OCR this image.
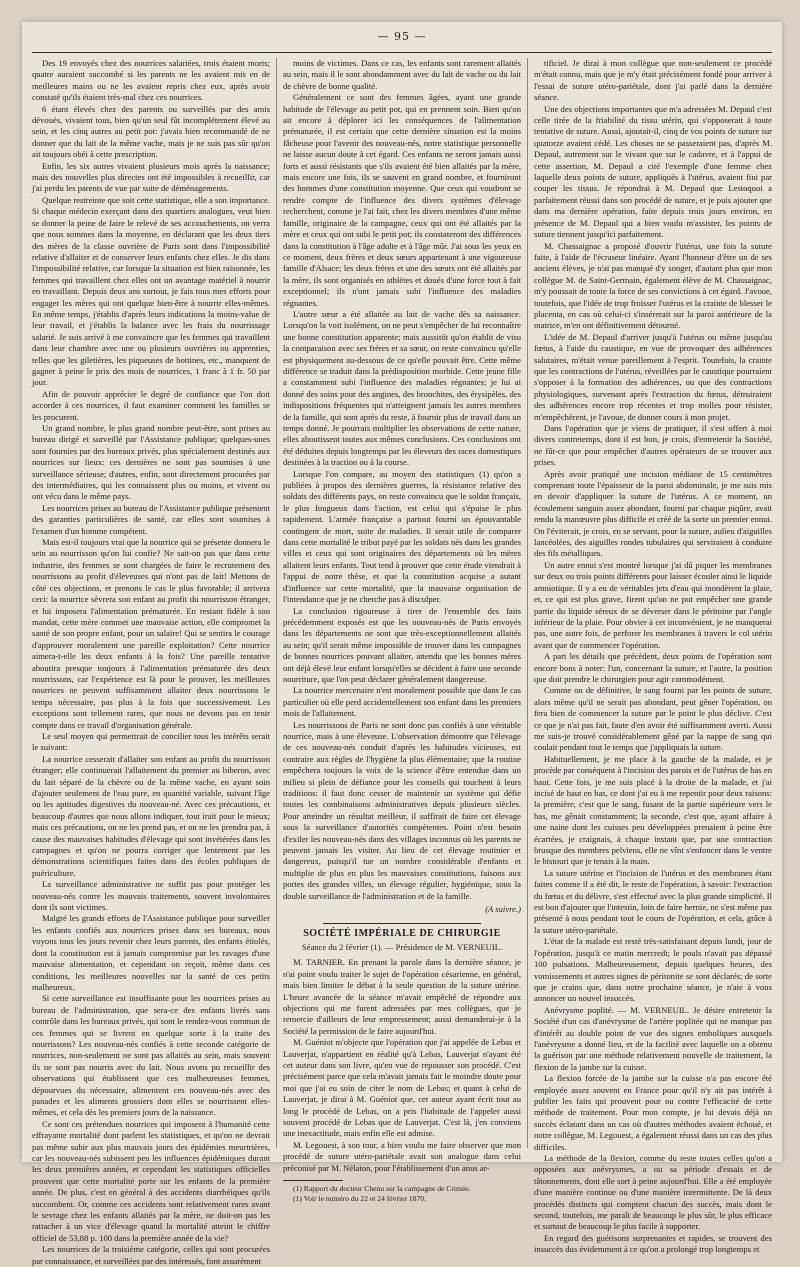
— 95 —

Des 19 envoyés chez des nourrices salariées, trois étaient morts; quatre auraient succombé si les parents ne les avaient mis en de meilleures mains ou ne les avaient repris chez eux, après avoir constaté qu'ils étaient très-mal chez ces nourrices.

6 étant élevés chez des parents ou surveillés par des amis dévoués, vivaient tous, bien qu'un seul fût incomplétement élevé au sein, et les cinq autres au petit pot: j'avais bien recommandé de ne donner que du lait de la même vache, mais je ne suis pas sûr qu'on ait toujours obéi à cette prescription.

Enfin, les six autres vivaient plusieurs mois après la naissance; mais des nouvelles plus directes ont été impossibles à recueillir, car j'ai perdu les parents de vue par suite de déménagements.

Quelque restreinte que soit cette statistique, elle a son importance. Si chaque médecin exerçant dans des quartiers analogues, veut bien se donner la peine de faire le relevé de ses accouchements, on verra que nous sommes dans la moyenne, en déclarant que les deux tiers des mères de la classe ouvrière de Paris sont dans l'impossibilité relative d'allaiter et de conserver leurs enfants chez elles. Je dis dans l'impossibilité relative, car lorsque la situation est bien raisonnée, les femmes qui travaillent chez elles ont un avantage matériel à nourrir en travaillant. Depuis deux ans surtout, je fais tous mes efforts pour engager les mères qui ont quelque bien-être à nourrir elles-mêmes. En même temps, j'établis d'après leurs indications la moins-value de leur travail, et j'établis la balance avec les frais du nourrissage salarié. Je suis arrivé à me convaincre que les femmes qui travaillent dans leur chambre avec une ou plusieurs ouvrières ou apprenties, telles que les giletières, les piqueuses de bottines, etc., manquent de gagner à peine le prix des mois de nourrices, 1 franc à 1 fr. 50 par jour.

Afin de pouvoir apprécier le degré de confiance que l'on doit accorder à ces nourrices, il faut examiner comment les familles se les procurent.

Un grand nombre, le plus grand nombre peut-être, sont prises au bureau dirigé et surveillé par l'Assistance publique; quelques-unes sont fournies par des bureaux privés, plus spécialement destinés aux nourrices sur lieux: ces dernières ne sont pas soumises à une surveillance sérieuse; d'autres, enfin, sont directement procurées par des intermédiaires, qui les connaissent plus ou moins, et vivent ou ont vécu dans le même pays.

Les nourrices prises au bureau de l'Assistance publique présentent des garanties particulières de santé, car elles sont soumises à l'examen d'un homme compétent.

Mais est-il toujours vrai que la nourrice qui se présente donnera le sein au nourrisson qu'on lui confie? Ne sait-on pas que dans cette industrie, des femmes se sont chargées de faire le recrutement des nourrissons au profit d'éleveuses qui n'ont pas de lait! Mettons de côté ces objections, et prenons le cas le plus favorable; il arrivera ceci: la nourrice sèvrera son enfant au profit du nourrisson étranger, et lui imposera l'alimentation prématurée. En restant fidèle à son mandat, cette mère commet une mauvaise action, elle compromet la santé de son propre enfant, pour un salaire! Qui se sentira le courage d'approuver moralement une pareille exploitation? Cette nourrice aimera-t-elle les deux enfants à la fois? Une pareille tentative aboutira presque toujours à l'alimentation prématurée des deux nourrissons, car l'expérience est là pour le prouver, les meilleures nourrices ne peuvent suffisamment allaiter deux nourrissons le temps nécessaire, pas plus à la fois que successivement. Les exceptions sont tellement rares, que nous ne devons pas en tenir compte dans ce travail d'organisation générale.

Le seul moyen qui permettrait de concilier tous les intérêts serait le suivant:

La nourrice cesserait d'allaiter son enfant au profit du nourrisson étranger; elle continuerait l'allaitement du premier au biberon, avec du lait séparé de la chèvre ou de la même vache, en ayant soin d'ajouter seulement de l'eau pure, en quantité variable, suivant l'âge ou les aptitudes digestives du nouveau-né. Avec ces précautions, et beaucoup d'autres que nous allons indiquer, tout irait pour le mieux; mais ces précautions, on ne les prend pas, et on ne les prendra pas, à cause des mauvaises habitudes d'élevage qui sont invétérées dans les campagnes et qu'on ne pourra corriger que lentement par les démonstrations scientifiques faites dans des écoles publiques de puériculture.

La surveillance administrative ne suffit pas pour protéger les nouveau-nés contre les mauvais traitements, souvent involontaires dont ils sont victimes.

Malgré les grands efforts de l'Assistance publique pour surveiller les enfants confiés aux nourrices prises dans ses bureaux, nous voyons tous les jours revenir chez leurs parents, des enfants étiolés, dont la constitution est à jamais compromise par les ravages d'une mauvaise alimentation, et cependant on reçoit, même dans ces conditions, les meilleures nouvelles sur la santé de ces petits malheureux.

Si cette surveillance est insuffisante pour les nourrices prises au bureau de l'administration, que sera-ce des enfants livrés sans contrôle dans les bureaux privés, qui sont le rendez-vous commun de ces femmes qui se livrent en quelque sorte à la traite des nourrissons? Les nouveau-nés confiés à cette seconde catégorie de nourrices, non-seulement ne sont pas allaités au sein, mais souvent ils ne sont pas nourris avec du lait. Nous avons pu recueillir des observations qui établissent que ces malheureuses femmes, dépourvues du nécessaire, alimentent ces nouveau-nés avec des panades et les aliments grossiers dont elles se nourrissent elles-mêmes, et cela dès les premiers jours de la naissance.

Ce sont ces prétendues nourrices qui imposent à l'humanité cette effrayante mortalité dont parlent les statistiques, et qu'on ne devrait pas même subir aux plus mauvais jours des épidémies meurtrières, car les nouveau-nés subissent peu les influences épidémiques durant les deux premières années, et cependant les statistiques officielles prouvent que cette mortalité porte sur les enfants de la première année. De plus, c'est en général à des accidents diarrhéiques qu'ils succombent. Or, comme ces accidents sont relativement rares avant le sevrage chez les enfants allaités par la mère, ne doit-on pas les rattacher à un vice d'élevage quand la mortalité atteint le chiffre officiel de 53,88 p. 100 dans la première année de la vie?

Les nourrices de la troisième catégorie, celles qui sont procurées par connaissance, et surveillées par des intéressés, font assurément

moins de victimes. Dans ce cas, les enfants sont rarement allaités au sein, mais il le sont abondamment avec du lait de vache ou du lait de chèvre de bonne qualité.

Généralement ce sont des femmes âgées, ayant une grande habitude de l'élevage au petit pot, qui en prennent soin. Bien qu'on ait encore à déplorer ici les conséquences de l'alimentation prématurée, il est certain que cette dernière situation est la moins fâcheuse pour l'avenir des nouveau-nés, notre statistique personnelle ne laisse aucun doute à cet égard. Ces enfants ne seront jamais aussi forts et aussi résistants que s'ils avaient été bien allaités par la mère, mais encore une fois, ils se sauvent en grand nombre, et fourniront des hommes d'une constitution moyenne. Que ceux qui voudront se rendre compte de l'influence des divers systèmes d'élevage recherchent, comme je l'ai fait, chez les divers membres d'une même famille, originaire de la campagne, ceux qui ont été allaités par la mère et ceux qui ont subi le petit pot; ils constateront des différences dans la constitution à l'âge adulte et à l'âge mûr. J'ai sous les yeux en ce moment, deux frères et deux sœurs appartenant à une vigoureuse famille d'Alsace; les deux frères et une des sœurs ont été allaités par la mère, ils sont organisés en athlètes et doués d'une force tout à fait exceptionnel; ils n'ont jamais subi l'influence des maladies régnantes.

L'autre sœur a été allaitée au lait de vache dès sa naissance. Lorsqu'on la voit isolément, on ne peut s'empêcher de lui reconnaître une bonne constitution apparente; mais aussitôt qu'on établit de visu la comparaison avec ses frères et sa sœur, on reste convaincu qu'elle est physiquement au-dessous de ce qu'elle pouvait être. Cette même différence se traduit dans la prédisposition morbide. Cette jeune fille a constamment subi l'influence des maladies régnantes; je lui ai donné des soins pour des angines, des bronchites, des érysipèles, des indispositions fréquentes qui n'atteignent jamais les autres membres de la famille, qui sont après du reste, à fournir plus de travail dans un temps donné. Je pourrais multiplier les observations de cette nature, elles aboutissent toutes aux mêmes conclusions. Ces conclusions ont été déduites depuis longtemps par les éleveurs des races domestiques destinées à la traction ou à la course.

Lorsque l'on compare, au moyen des statistiques (1) qu'on a publiées à propos des dernières guerres, la résistance relative des soldats des différents pays, on reste convaincu que le soldat français, le plus fougueux dans l'action, est celui qui s'épuise le plus rapidement. L'armée française a partout fourni un épouvantable contingent de mort, suite de maladies. Il serait utile de comparer dans cette mortalité le tribut payé par les soldats nés dans les grandes villes et ceux qui sont originaires des départements où les mères allaitent leurs enfants. Tout tend à prouver que cette étude viendrait à l'appui de notre thèse, et que la constitution acquise a autant d'influence sur cette mortalité, que la mauvaise organisation de l'intendance que je ne cherche pas à disculper.

La conclusion rigoureuse à tirer de l'ensemble des faits précédemment exposés est que les nouveau-nés de Paris envoyés dans les départements ne sont que très-exceptionnellement allaités au sein; qu'il serait même impossible de trouver dans les campagnes de bonnes nourrices pouvant allaiter, attendu que les bonnes mères ont déjà élevé leur enfant lorsqu'elles se décident à faire une seconde nourriture, que l'on peut déclarer généralement dangereuse.

La nourrice mercenaire n'est moralement possible que dans le cas particulier où elle perd accidentellement son enfant dans les premiers mois de l'allaitement.

Les nourrissons de Paris ne sont donc pas confiés à une véritable nourrice, mais à une éleveuse. L'observation démontre que l'élevage de ces nouveau-nés conduit d'après les habitudes vicieuses, est contraire aux règles de l'hygiène la plus élémentaire; que la routine empêchera toujours la voix de la science d'être entendue dans un milieu si plein de défiance pour les conseils qui touchent à leurs traditions: il faut donc cesser de maintenir un système qui défie toutes les combinaisons administratives depuis plusieurs siècles. Pour atteindre un résultat meilleur, il suffirait de faire cet élevage sous la surveillance d'autorités compétentes. Point n'est besoin d'exiler les nouveau-nés dans des villages inconnus où les parents ne peuvent jamais les visiter. Au lieu de cet élevage routinier et dangereux, puisqu'il tue un nombre considérable d'enfants et multiplie de plus en plus les mauvaises constitutions, faisons aux portes des grandes villes, un élevage régulier, hygiénique, sous la double surveillance de l'administration et de la famille.

(A suivre.)
SOCIÉTÉ IMPÉRIALE DE CHIRURGIE
Séance du 2 février (1). — Présidence de M. VERNEUIL.

M. TARNIER. En prenant la parole dans la dernière séance, je n'ai point voulu traiter le sujet de l'opération césarienne, en général, mais bien limiter le débat à la seule question de la suture utérine. L'heure avancée de la séance m'avait empêché de répondre aux objections qui me furent adressées par mes collègues, que je remercie d'ailleurs de leur empressement; aussi demanderai-je à la Société la permission de le faire aujourd'hui.

M. Guéniot m'objecte que l'opération que j'ai appelée de Lebas et Lauverjat, n'appartient en réalité qu'à Lebas, Lauverjat n'ayant été cet auteur dans son livre, qu'en vue de repousser son procédé. C'est précisément parce que cela m'avait jamais fait le moindre doute pour moi que j'ai eu soin de citer le nom de Lebas; et quant à celui de Lauverjat, je dirai à M. Guéniot que, cet auteur ayant écrit tout au long le procédé de Lebas, on a pris l'habitude de l'appeler aussi souvent procédé de Lebas que de Lauverjat. C'est là, j'en conviens une inexactitude, mais enfin elle est admise.

M. Legouest, à son tour, a bien voulu me faire observer que mon procédé de suture utéro-pariétale avait son analogue dans celui préconisé par M. Nélaton, pour l'établissement d'un anus ar-

(1) Rapport du docteur Chenu sur la campagne de Crimée.

(1) Voir le numéro du 22 et 24 février 1870.

tificiel. Je dirai à mon collègue que non-seulement ce procédé m'était connu, mais que je m'y était précisément fondé pour arriver à l'essai de suture utéro-pariétale, dont j'ai parlé dans la dernière séance.

Une des objections importantes que m'a adressées M. Depaul c'est celle tirée de la friabilité du tissu utérin, qui s'opposerait à toute tentative de suture. Aussi, ajoutait-il, cinq de vos points de suture sur quatorze avaient cédé. Les choses ne se passeraient pas, d'après M. Depaul, autrement sur le vivant que sur le cadavre, et à l'appui de cette assertion, M. Depaul a cité l'exemple d'une femme chez laquelle deux points de suture, appliqués à l'utérus, avaient fini par couper les tissus. Je répondrai à M. Depaul que Lestoquoi a parfaitement réussi dans son procédé de suture, et je puis ajouter que dans ma dernière opération, faite depuis trois jours environ, en présence de M. Depaul qui a bien voulu m'assister, les points de suture tiennent jusqu'ici parfaitement.

M. Chassaignac a proposé d'ouvrir l'utérus, une fois la suture faite, à l'aide de l'écraseur linéaire. Ayant l'honneur d'être un de ses anciens élèves, je n'ai pas manqué d'y songer, d'autant plus que mon collègue M. de Saint-Germain, également élève de M. Chassaignac, m'y poussait de toute la force de ses convictions à cet égard. J'avoue, toutefois, que l'idée de trop froisser l'utérus et la crainte de blesser le placenta, en cas où celui-ci s'insérerait sur la paroi antérieure de la matrice, m'en ont définitivement détourné.

L'idée de M. Depaul d'arriver jusqu'à l'utérus ou même jusqu'au fœtus, à l'aide du caustique, en vue de provoquer des adhérences salutaires, m'était venue pareillement à l'esprit. Toutefois, la crainte que les contractions de l'utérus, réveillées par le caustique pourraient s'opposer à la formation des adhérences, ou que des contractions physiologiques, survenant après l'extraction du fœtus, détruiraient des adhérences encore trop récentes et trop molles pour résister, m'empêchèrent, je l'avoue, de donner cours à mon projet.

Dans l'opération que je viens de pratiquer, il s'est offert à moi divers contretemps, dont il est bon, je crois, d'entretenir la Société, ne fût-ce que pour empêcher d'autres opérateurs de se trouver aux prises.

Après avoir pratiqué une incision médiane de 15 centimètres comprenant toute l'épaisseur de la paroi abdominale, je me suis mis en devoir d'appliquer la suture de l'utérus. A ce moment, un écoulement sanguin assez abondant, fourni par chaque piqûre, avait rendu la manœuvre plus difficile et créé de la sorte un premier ennui. On l'éviterait, je crois, en se servant, pour la suture, aulieu d'aiguilles lancéolées, des aiguilles rondes tubulaires qui serviraient à conduire des fils métalliques.

Un autre ennui s'est montré lorsque j'ai dû piquer les membranes sur deux ou trois points différents pour laisser écouler ainsi le liquide amniotique. Il y a eu de véritables jets d'eau qui inondèrent la plaie, et, ce qui est plus grave, firent qu'on ne put empêcher une grande partie du liquide séreux de se déverser dans le péritoine par l'angle inférieur de la plaie. Pour obvier à cet inconvénient, je ne manquerai pas, une autre fois, de perforer les membranes à travers le col utérin avant que de commencer l'opération.

A part les détails que précèdent, deux points de l'opération sont encore bons à noter: l'un, concernant la suture, et l'autre, la position que doit prendre le chirurgien pour agir commodément.

Comme on de définitive, le sang fourni par les points de suture, alors même qu'il ne serait pas abondant, peut gêner l'opération, on fera bien de commencer la suture par le point le plus déclive. C'est ce que je n'ai pas fait, faute d'en avoir été suffisamment averti. Aussi me suis-je trouvé considérablement gêné par la nappe de sang qui coulait pendant tout le temps que j'appliquais la suture.

Habituellement, je me place à la gauche de la malade, et je procède par conséquent à l'incision des parois et de l'utérus de bas en haut. Cette fois, je me suis placé à la droite de la malade, et j'ai incisé de haut en bas, ce dont j'ai eu à me repentir pour deux raisons: la première, c'est que le sang, fusant de la partie supérieure vers le bas, me gênait constamment; la seconde, c'est que, ayant affaire à une naine dont les cuisses peu développées prenaient à peine être écartées, je craignais, à chaque instant que, par une contraction brusque des membres pelviens, elle ne vînt s'enfoncer dans le ventre le bistouri que je tenais à la main.

La suture utérine et l'incision de l'utérus et des membranes étant faites comme il a été dit, le reste de l'opération, à savoir: l'extraction du fœtus et du délivre, s'est effectué avec la plus grande simplicité. Il est bon d'ajouter que l'intestin, loin de faire hernie, ne s'est même pas présenté à nous pendant tout le cours de l'opération, et cela, grâce à la suture utéro-pariétale.

L'état de la malade est resté très-satisfaisant depuis lundi, jour de l'opération, jusqu'à ce matin mercredi; le pouls n'avait pas dépassé 100 pulsations. Malheureusement, depuis quelques heures, des vomissements et autres signes de péritonite se sont déclarés; de sorte que je crains que, dans notre prochaine séance, je n'aie à vous annoncer un nouvel insuccès.

Anévrysme poplité. — M. VERNEUIL. Je désire entretenir la Société d'un cas d'anévrysme de l'artère poplitée qui ne manque pas d'intérêt au double point de vue des signes emboliques auxquels l'anévrysme a donné lieu, et de la facilité avec laquelle on a obtenu la guérison par une méthode relativement nouvelle de traitement, la flexion de la jambe sur la cuisse.

La flexion forcée de la jambe sur la cuisse n'a pas encore été employée assez souvent en France pour qu'il n'y ait pas intérêt à publier les faits qui prouvent pour ou contre l'efficacité de cette méthode de traitement. Pour mon compte, je lui devais déjà un succès éclatant dans un cas où d'autres méthodes avaient échoué, et notre collègue, M. Legouest, a également réussi dans un cas des plus difficiles.

La méthode de la flexion, comme du reste toutes celles qu'on a opposées aux anévrysmes, a ou sa période d'essais et de tâtonnements, dont elle sort à peine aujourd'hui. Elle a été employée d'une manière continue ou d'une manière intermittente. De là deux procédés distincts qui comptent chacun des succès, mais dont le second, toutefois, me paraît de beaucoup le plus sûr, le plus efficace et surtout de beaucoup le plus facile à supporter.

En regard des guérisons surprenantes et rapides, se trouvent des insuccès dus évidemment à ce qu'on a prolongé trop longtemps et
